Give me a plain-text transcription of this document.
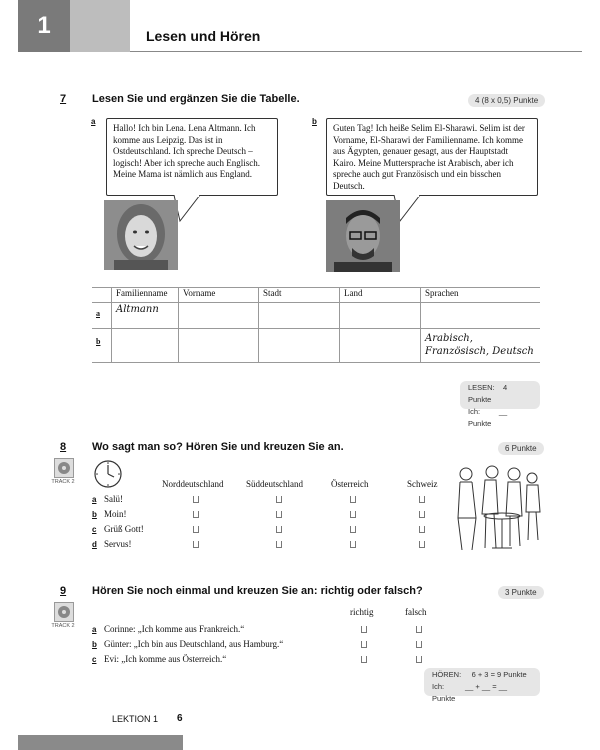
1	Lesen und Hören
7 Lesen Sie und ergänzen Sie die Tabelle.	4 (8 x 0,5) Punkte
a
Hallo! Ich bin Lena. Lena Altmann. Ich komme aus Leipzig. Das ist in Ostdeutschland. Ich spreche Deutsch – logisch! Aber ich spreche auch Englisch. Meine Mama ist nämlich aus England.
b
Guten Tag! Ich heiße Selim El-Sharawi. Selim ist der Vorname, El-Sharawi der Familienname. Ich komme aus Ägypten, genauer gesagt, aus der Hauptstadt Kairo. Meine Muttersprache ist Arabisch, aber ich spreche auch gut Französisch und ein bisschen Deutsch.
	Familienname	Vorname	Stadt	Land	Sprachen
a	Altmann				
b					Arabisch, Französisch, Deutsch
LESEN: 4 Punkte
Ich:	__ Punkte
8 Wo sagt man so? Hören Sie und kreuzen Sie an.	6 Punkte
TRACK 2	Norddeutschland	Süddeutschland	Österreich	Schweiz
a Salü!
b Moin!
c Grüß Gott!
d Servus!
9 Hören Sie noch einmal und kreuzen Sie an: richtig oder falsch?	3 Punkte
TRACK 2
richtig	falsch
a Corinne: „Ich komme aus Frankreich.“
b Günter: „Ich bin aus Deutschland, aus Hamburg.“
c Evi: „Ich komme aus Österreich.“
HÖREN: 6 + 3 = 9 Punkte
Ich:	__ + __ = __ Punkte
LEKTION 1 6
